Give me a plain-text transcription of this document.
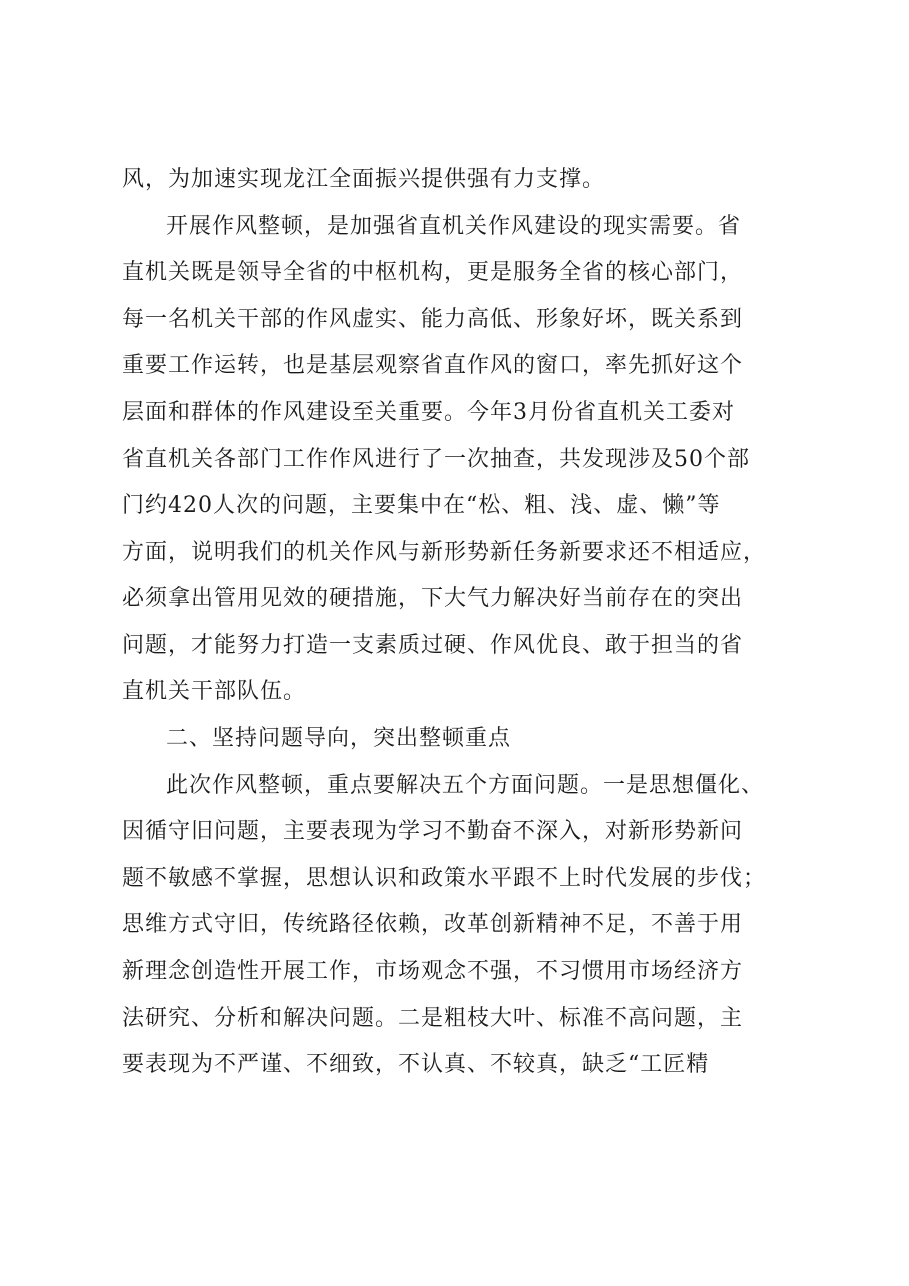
风，为加速实现龙江全面振兴提供强有力支撑。
开展作风整顿，是加强省直机关作风建设的现实需要。省
直机关既是领导全省的中枢机构，更是服务全省的核心部门，
每一名机关干部的作风虚实、能力高低、形象好坏，既关系到
重要工作运转，也是基层观察省直作风的窗口，率先抓好这个
层面和群体的作风建设至关重要。今年3月份省直机关工委对
省直机关各部门工作作风进行了一次抽查，共发现涉及50个部
门约420人次的问题，主要集中在“松、粗、浅、虚、懒”等
方面，说明我们的机关作风与新形势新任务新要求还不相适应，
必须拿出管用见效的硬措施，下大气力解决好当前存在的突出
问题，才能努力打造一支素质过硬、作风优良、敢于担当的省
直机关干部队伍。
二、坚持问题导向，突出整顿重点
此次作风整顿，重点要解决五个方面问题。一是思想僵化、
因循守旧问题，主要表现为学习不勤奋不深入，对新形势新问
题不敏感不掌握，思想认识和政策水平跟不上时代发展的步伐；
思维方式守旧，传统路径依赖，改革创新精神不足，不善于用
新理念创造性开展工作，市场观念不强，不习惯用市场经济方
法研究、分析和解决问题。二是粗枝大叶、标准不高问题，主
要表现为不严谨、不细致，不认真、不较真，缺乏“工匠精
